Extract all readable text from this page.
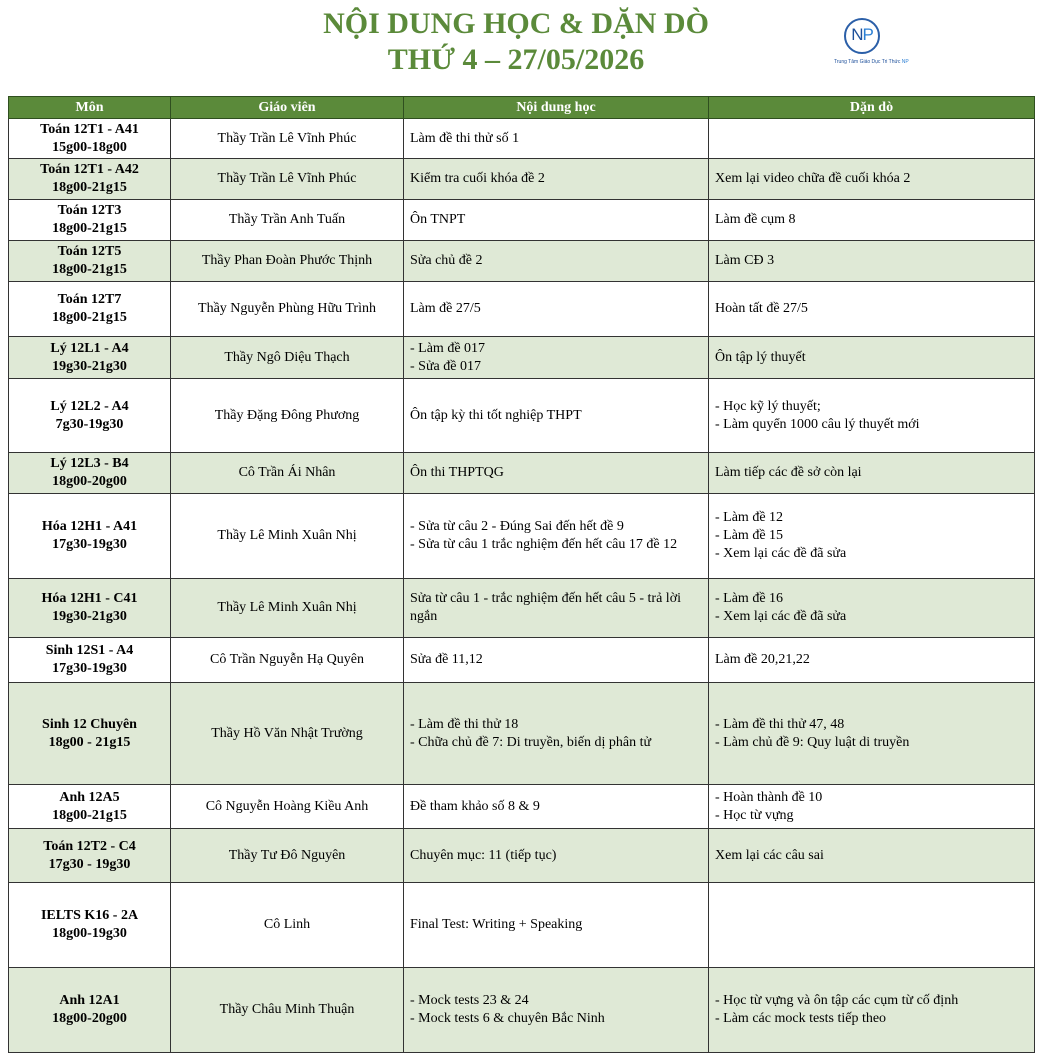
NỘI DUNG HỌC & DẶN DÒ
THỨ 4 – 27/05/2026
NP
Trung Tâm Giáo Dục Tri Thức NP
Môn	Giáo viên	Nội dung học	Dặn dò

Toán 12T1 - A41
15g00-18g00	Thầy Trần Lê Vĩnh Phúc	Làm đề thi thử số 1	

Toán 12T1 - A42
18g00-21g15	Thầy Trần Lê Vĩnh Phúc	Kiểm tra cuối khóa đề 2	Xem lại video chữa đề cuối khóa 2

Toán 12T3
18g00-21g15	Thầy Trần Anh Tuấn	Ôn TNPT	Làm đề cụm 8

Toán 12T5
18g00-21g15	Thầy Phan Đoàn Phước Thịnh	Sửa chủ đề 2	Làm CĐ 3

Toán 12T7
18g00-21g15	Thầy Nguyễn Phùng Hữu Trình	Làm đề 27/5	Hoàn tất đề 27/5

Lý 12L1 - A4
19g30-21g30	Thầy Ngô Diệu Thạch	- Làm đề 017
- Sửa đề 017	Ôn tập lý thuyết

Lý 12L2 - A4
7g30-19g30	Thầy Đặng Đông Phương	Ôn tập kỳ thi tốt nghiệp THPT	- Học kỹ lý thuyết;
- Làm quyển 1000 câu lý thuyết mới

Lý 12L3 - B4
18g00-20g00	Cô Trần Ái Nhân	Ôn thi THPTQG	Làm tiếp các đề sở còn lại

Hóa 12H1 - A41
17g30-19g30	Thầy Lê Minh Xuân Nhị	- Sửa từ câu 2 - Đúng Sai đến hết đề 9
- Sửa từ câu 1 trắc nghiệm đến hết câu 17 đề 12	- Làm đề 12
- Làm đề 15
- Xem lại các đề đã sửa

Hóa 12H1 - C41
19g30-21g30	Thầy Lê Minh Xuân Nhị	Sửa từ câu 1 - trắc nghiệm đến hết câu 5 - trả lời ngắn	- Làm đề 16
- Xem lại các đề đã sửa

Sinh 12S1 - A4
17g30-19g30	Cô Trần Nguyễn Hạ Quyên	Sửa đề 11,12	Làm đề 20,21,22

Sinh 12 Chuyên
18g00 - 21g15	Thầy Hồ Văn Nhật Trường	- Làm đề thi thử 18
- Chữa chủ đề 7: Di truyền, biến dị phân tử	- Làm đề thi thử 47, 48
- Làm chủ đề 9: Quy luật di truyền

Anh 12A5
18g00-21g15	Cô Nguyễn Hoàng Kiều Anh	Đề tham khảo số 8 & 9	- Hoàn thành đề 10
- Học từ vựng

Toán 12T2 - C4
17g30 - 19g30	Thầy Tư Đô Nguyên	Chuyên mục: 11 (tiếp tục)	Xem lại các câu sai

IELTS K16 - 2A
18g00-19g30	Cô Linh	Final Test: Writing + Speaking	

Anh 12A1
18g00-20g00	Thầy Châu Minh Thuận	- Mock tests 23 & 24
- Mock tests 6 & chuyên Bắc Ninh	- Học từ vựng và ôn tập các cụm từ cố định
- Làm các mock tests tiếp theo
